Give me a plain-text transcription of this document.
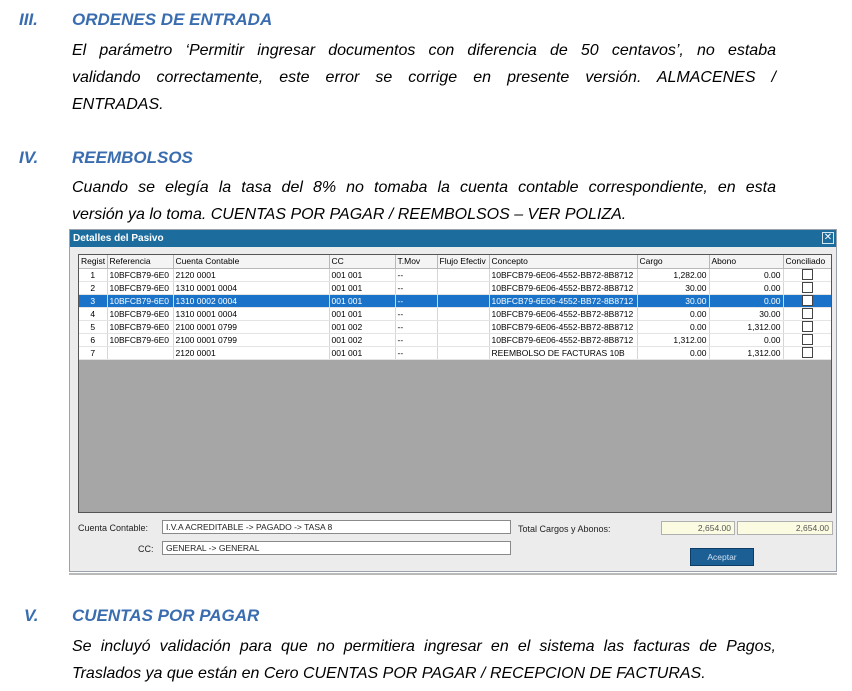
III. ORDENES DE ENTRADA
El parámetro ‘Permitir ingresar documentos con diferencia de 50 centavos’, no estaba
validando correctamente, este error se corrige en presente versión. ALMACENES /
ENTRADAS.
IV. REEMBOLSOS
Cuando se elegía la tasa del 8% no tomaba la cuenta contable correspondiente, en esta
versión ya lo toma. CUENTAS POR PAGAR / REEMBOLSOS – VER POLIZA.
Detalles del Pasivo	✕
Regist	Referencia	Cuenta Contable	CC	T.Mov	Flujo Efectiv	Concepto	Cargo	Abono	Conciliado
1	10BFCB79-6E0	2120 0001	001 001	--		10BFCB79-6E06-4552-BB72-8B8712	1,282.00	0.00	
2	10BFCB79-6E0	1310 0001 0004	001 001	--		10BFCB79-6E06-4552-BB72-8B8712	30.00	0.00	
3	10BFCB79-6E0	1310 0002 0004	001 001	--		10BFCB79-6E06-4552-BB72-8B8712	30.00	0.00	
4	10BFCB79-6E0	1310 0001 0004	001 001	--		10BFCB79-6E06-4552-BB72-8B8712	0.00	30.00	
5	10BFCB79-6E0	2100 0001 0799	001 002	--		10BFCB79-6E06-4552-BB72-8B8712	0.00	1,312.00	
6	10BFCB79-6E0	2100 0001 0799	001 002	--		10BFCB79-6E06-4552-BB72-8B8712	1,312.00	0.00	
7		2120 0001	001 001	--		REEMBOLSO DE FACTURAS 10B	0.00	1,312.00	
Cuenta Contable:	I.V.A ACREDITABLE -> PAGADO -> TASA 8
CC:	GENERAL -> GENERAL
Total Cargos y Abonos:	2,654.00	2,654.00
Aceptar
V. CUENTAS POR PAGAR
Se incluyó validación para que no permitiera ingresar en el sistema las facturas de Pagos,
Traslados ya que están en Cero CUENTAS POR PAGAR / RECEPCION DE FACTURAS.
